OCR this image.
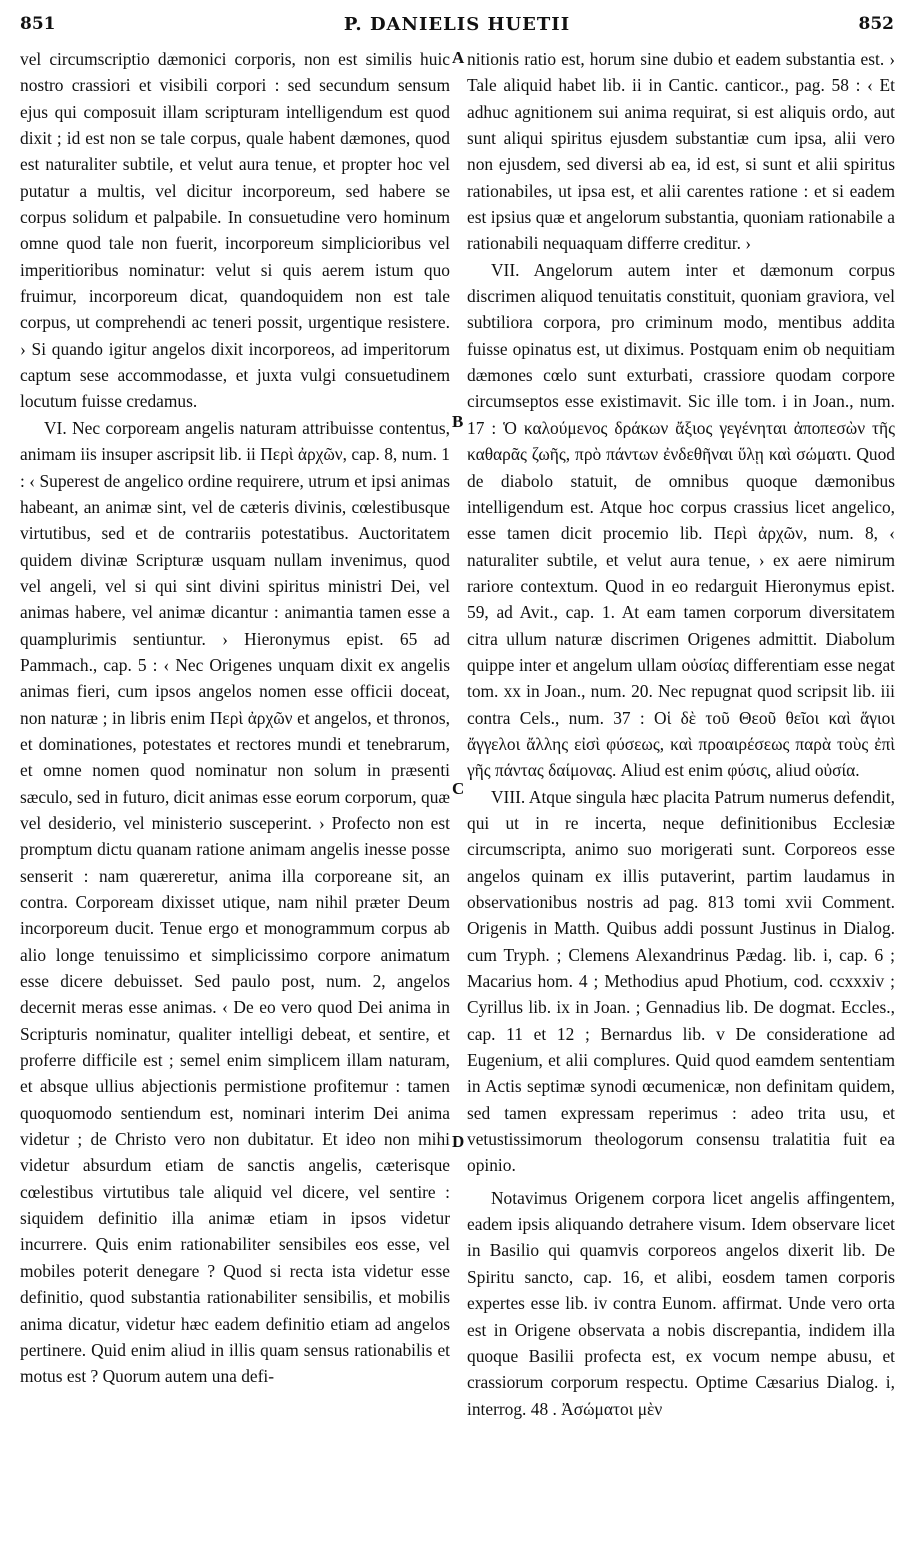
851	P. DANIELIS HUETII	852

vel circumscriptio dæmonici corporis, non est similis huic nostro crassiori et visibili corpori : sed secundum sensum ejus qui composuit illam scripturam intelligendum est quod dixit ; id est non se tale corpus, quale habent dæmones, quod est naturaliter subtile, et velut aura tenue, et propter hoc vel putatur a multis, vel dicitur incorporeum, sed habere se corpus solidum et palpabile. In consuetudine vero hominum omne quod tale non fuerit, incorporeum simplicioribus vel imperitioribus nominatur: velut si quis aerem istum quo fruimur, incorporeum dicat, quandoquidem non est tale corpus, ut comprehendi ac teneri possit, urgentique resistere. › Si quando igitur angelos dixit incorporeos, ad imperitorum captum sese accommodasse, et juxta vulgi consuetudinem locutum fuisse credamus.

VI. Nec corpoream angelis naturam attribuisse contentus, animam iis insuper ascripsit lib. ii Περὶ ἀρχῶν, cap. 8, num. 1 : ‹ Superest de angelico ordine requirere, utrum et ipsi animas habeant, an animæ sint, vel de cæteris divinis, cœlestibusque virtutibus, sed et de contrariis potestatibus. Auctoritatem quidem divinæ Scripturæ usquam nullam invenimus, quod vel angeli, vel si qui sint divini spiritus ministri Dei, vel animas habere, vel animæ dicantur : animantia tamen esse a quamplurimis sentiuntur. › Hieronymus epist. 65 ad Pammach., cap. 5 : ‹ Nec Origenes unquam dixit ex angelis animas fieri, cum ipsos angelos nomen esse officii doceat, non naturæ ; in libris enim Περὶ ἀρχῶν et angelos, et thronos, et dominationes, potestates et rectores mundi et tenebrarum, et omne nomen quod nominatur non solum in præsenti sæculo, sed in futuro, dicit animas esse eorum corporum, quæ vel desiderio, vel ministerio susceperint. › Profecto non est promptum dictu quanam ratione animam angelis inesse posse senserit : nam quæreretur, anima illa corporeane sit, an contra. Corpoream dixisset utique, nam nihil præter Deum incorporeum ducit. Tenue ergo et monogrammum corpus ab alio longe tenuissimo et simplicissimo corpore animatum esse dicere debuisset. Sed paulo post, num. 2, angelos decernit meras esse animas. ‹ De eo vero quod Dei anima in Scripturis nominatur, qualiter intelligi debeat, et sentire, et proferre difficile est ; semel enim simplicem illam naturam, et absque ullius abjectionis permistione profitemur : tamen quoquomodo sentiendum est, nominari interim Dei anima videtur ; de Christo vero non dubitatur. Et ideo non mihi videtur absurdum etiam de sanctis angelis, cæterisque cœlestibus virtutibus tale aliquid vel dicere, vel sentire : siquidem definitio illa animæ etiam in ipsos videtur incurrere. Quis enim rationabiliter sensibiles eos esse, vel mobiles poterit denegare ? Quod si recta ista videtur esse definitio, quod substantia rationabiliter sensibilis, et mobilis anima dicatur, videtur hæc eadem definitio etiam ad angelos pertinere. Quid enim aliud in illis quam sensus rationabilis et motus est ? Quorum autem una defi-

A
B
C
D

nitionis ratio est, horum sine dubio et eadem substantia est. › Tale aliquid habet lib. ii in Cantic. canticor., pag. 58 : ‹ Et adhuc agnitionem sui anima requirat, si est aliquis ordo, aut sunt aliqui spiritus ejusdem substantiæ cum ipsa, alii vero non ejusdem, sed diversi ab ea, id est, si sunt et alii spiritus rationabiles, ut ipsa est, et alii carentes ratione : et si eadem est ipsius quæ et angelorum substantia, quoniam rationabile a rationabili nequaquam differre creditur. ›

VII. Angelorum autem inter et dæmonum corpus discrimen aliquod tenuitatis constituit, quoniam graviora, vel subtiliora corpora, pro criminum modo, mentibus addita fuisse opinatus est, ut diximus. Postquam enim ob nequitiam dæmones cœlo sunt exturbati, crassiore quodam corpore circumseptos esse existimavit. Sic ille tom. i in Joan., num. 17 : Ὁ καλούμενος δράκων ἄξιος γεγένηται ἀποπεσὼν τῆς καθαρᾶς ζωῆς, πρὸ πάντων ἐνδεθῆναι ὕλῃ καὶ σώματι. Quod de diabolo statuit, de omnibus quoque dæmonibus intelligendum est. Atque hoc corpus crassius licet angelico, esse tamen dicit procemio lib. Περὶ ἀρχῶν, num. 8, ‹ naturaliter subtile, et velut aura tenue, › ex aere nimirum rariore contextum. Quod in eo redarguit Hieronymus epist. 59, ad Avit., cap. 1. At eam tamen corporum diversitatem citra ullum naturæ discrimen Origenes admittit. Diabolum quippe inter et angelum ullam οὐσίας differentiam esse negat tom. xx in Joan., num. 20. Nec repugnat quod scripsit lib. iii contra Cels., num. 37 : Οἱ δὲ τοῦ Θεοῦ θεῖοι καὶ ἅγιοι ἄγγελοι ἄλλης εἰσὶ φύσεως, καὶ προαιρέσεως παρὰ τοὺς ἐπὶ γῆς πάντας δαίμονας. Aliud est enim φύσις, aliud οὐσία.

VIII. Atque singula hæc placita Patrum numerus defendit, qui ut in re incerta, neque definitionibus Ecclesiæ circumscripta, animo suo morigerati sunt. Corporeos esse angelos quinam ex illis putaverint, partim laudamus in observationibus nostris ad pag. 813 tomi xvii Comment. Origenis in Matth. Quibus addi possunt Justinus in Dialog. cum Tryph. ; Clemens Alexandrinus Pædag. lib. i, cap. 6 ; Macarius hom. 4 ; Methodius apud Photium, cod. ccxxxiv ; Cyrillus lib. ix in Joan. ; Gennadius lib. De dogmat. Eccles., cap. 11 et 12 ; Bernardus lib. v De consideratione ad Eugenium, et alii complures. Quid quod eamdem sententiam in Actis septimæ synodi œcumenicæ, non definitam quidem, sed tamen expressam reperimus : adeo trita usu, et vetustissimorum theologorum consensu tralatitia fuit ea opinio.

Notavimus Origenem corpora licet angelis affingentem, eadem ipsis aliquando detrahere visum. Idem observare licet in Basilio qui quamvis corporeos angelos dixerit lib. De Spiritu sancto, cap. 16, et alibi, eosdem tamen corporis expertes esse lib. iv contra Eunom. affirmat. Unde vero orta est in Origene observata a nobis discrepantia, indidem illa quoque Basilii profecta est, ex vocum nempe abusu, et crassiorum corporum respectu. Optime Cæsarius Dialog. i, interrog. 48 . Ἀσώματοι μὲν
